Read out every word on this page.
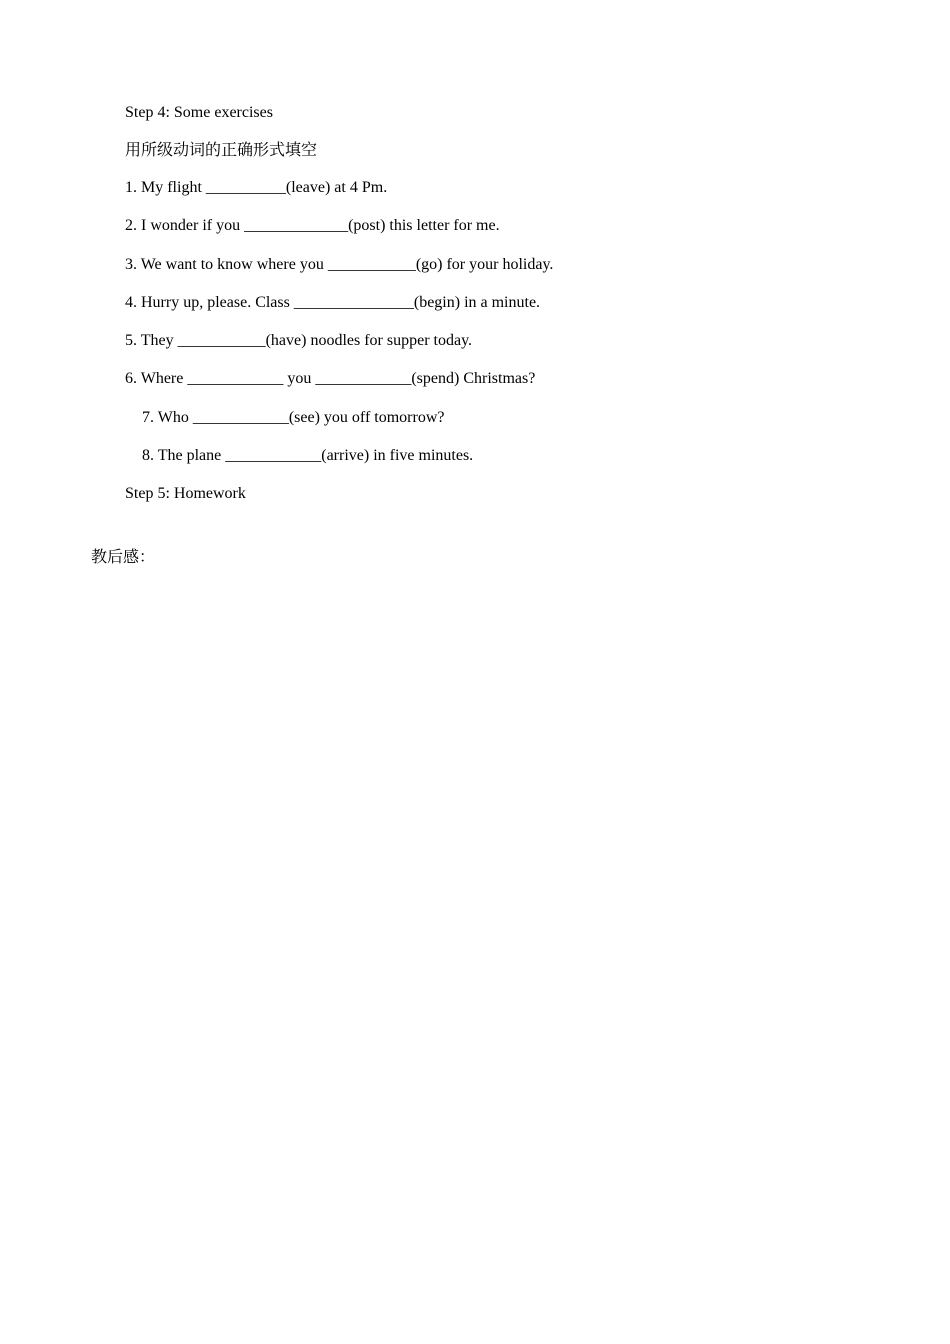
Step 4: Some exercises
用所级动词的正确形式填空
1. My flight __________(leave) at 4 Pm.
2. I wonder if you _____________(post) this letter for me.
3. We want to know where you ___________(go) for your holiday.
4. Hurry up, please. Class _______________(begin) in a minute.
5. They ___________(have) noodles for supper today.
6. Where ____________ you ____________(spend) Christmas?
7. Who ____________(see) you off tomorrow?
8. The plane ____________(arrive) in five minutes.
Step 5: Homework
教后感：
